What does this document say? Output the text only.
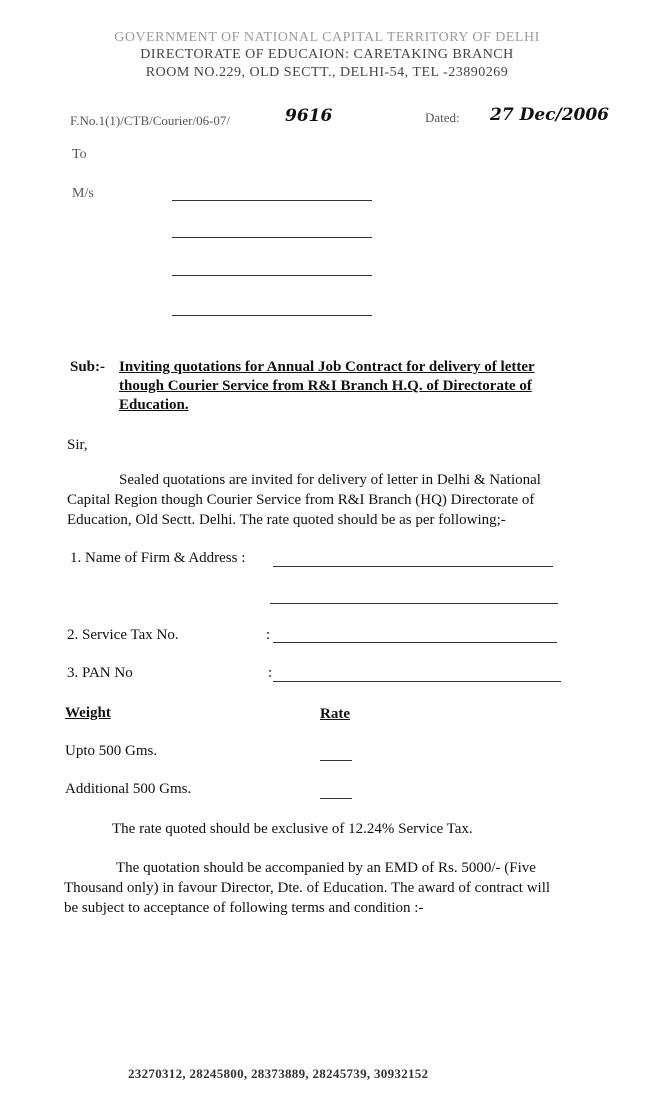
GOVERNMENT OF NATIONAL CAPITAL TERRITORY OF DELHI
DIRECTORATE OF EDUCAION: CARETAKING BRANCH
ROOM NO.229, OLD SECTT., DELHI-54, TEL -23890269
F.No.1(1)/CTB/Courier/06-07/	9616	Dated: 27 Dec/2006
To
M/s
Sub:- Inviting quotations for Annual Job Contract for delivery of letter
though Courier Service from R&I Branch H.Q. of Directorate of
Education.
Sir,
Sealed quotations are invited for delivery of letter in Delhi & National
Capital Region though Courier Service from R&I Branch (HQ) Directorate of
Education, Old Sectt. Delhi. The rate quoted should be as per following;-
1. Name of Firm & Address :
2. Service Tax No.	:
3. PAN No	:
Weight	Rate
Upto 500 Gms.
Additional 500 Gms.
The rate quoted should be exclusive of 12.24% Service Tax.
The quotation should be accompanied by an EMD of Rs. 5000/- (Five
Thousand only) in favour Director, Dte. of Education. The award of contract will
be subject to acceptance of following terms and condition :-
23270312, 28245800, 28373889, 28245739, 30932152
